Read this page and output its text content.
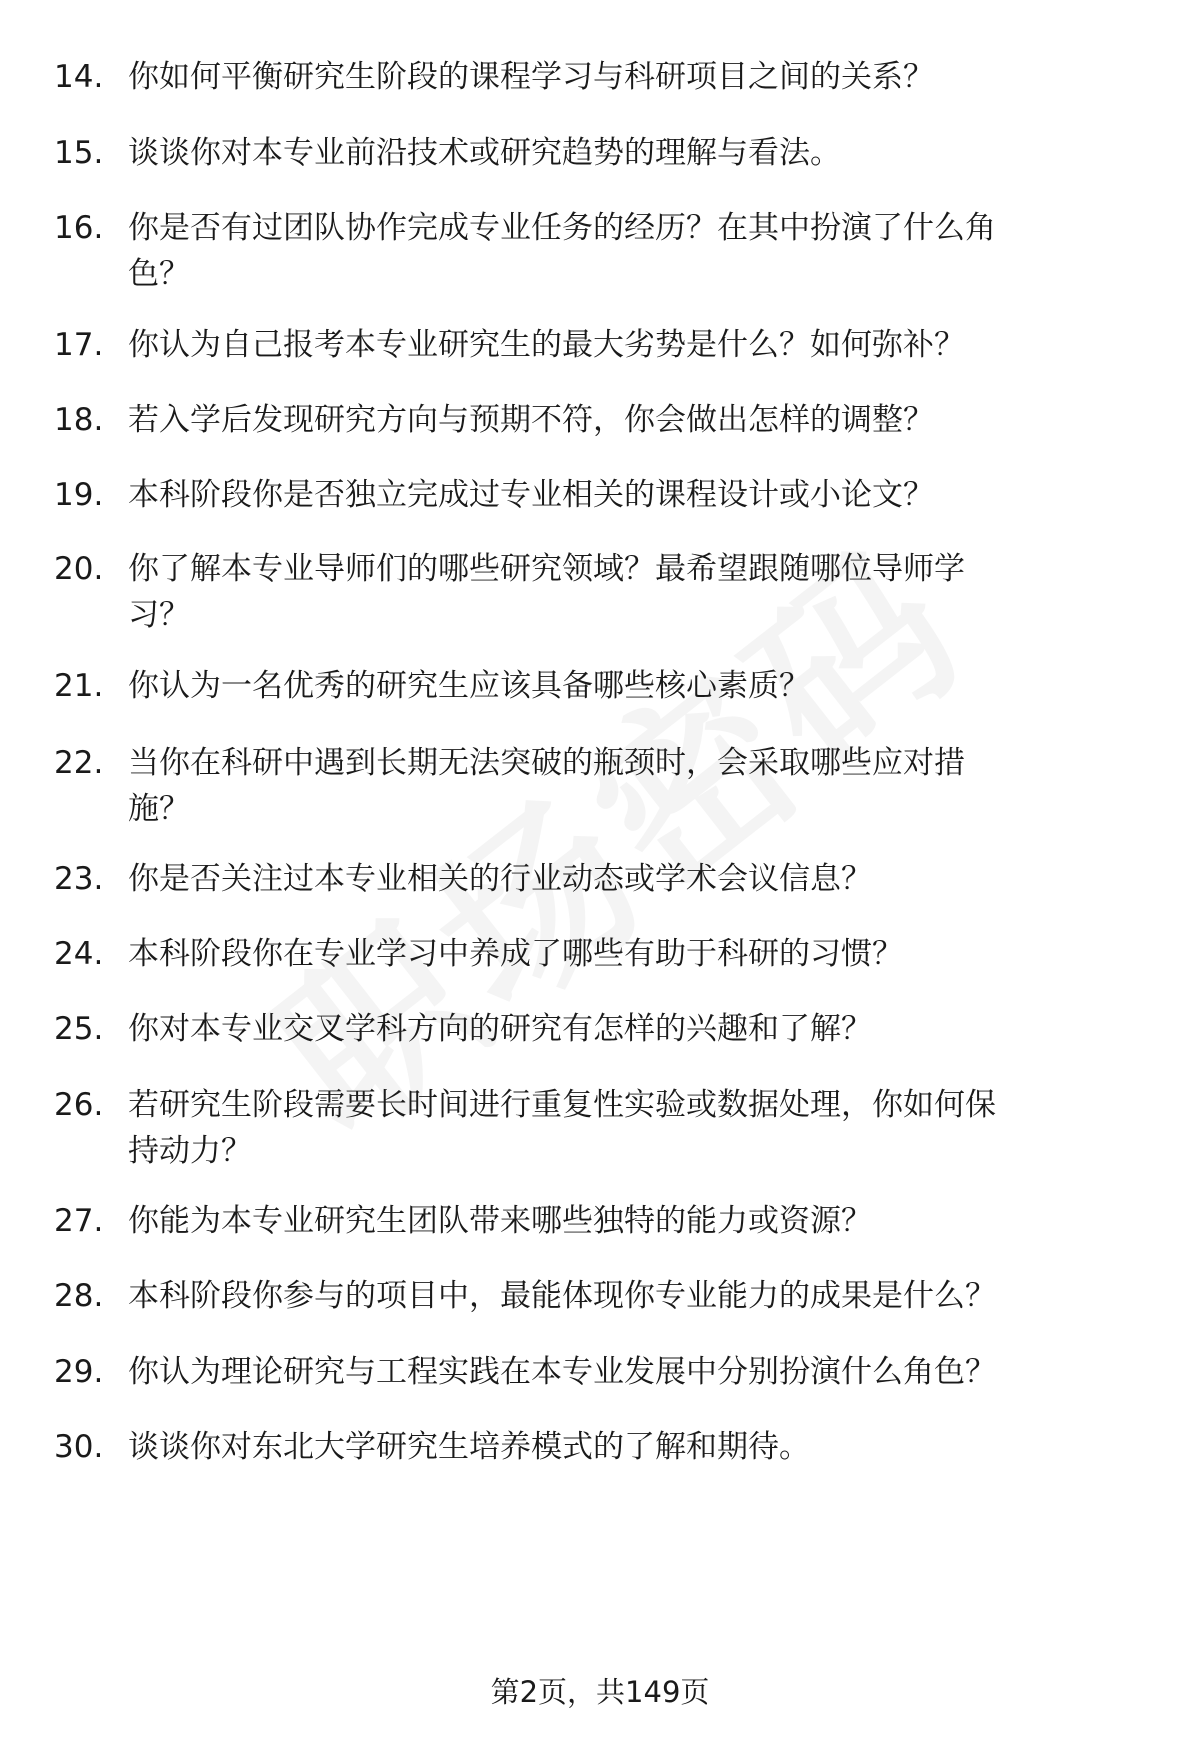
14. 你如何平衡研究生阶段的课程学习与科研项目之间的关系？
15. 谈谈你对本专业前沿技术或研究趋势的理解与看法。
16. 你是否有过团队协作完成专业任务的经历？在其中扮演了什么角
色？
17. 你认为自己报考本专业研究生的最大劣势是什么？如何弥补？
18. 若入学后发现研究方向与预期不符，你会做出怎样的调整？
19. 本科阶段你是否独立完成过专业相关的课程设计或小论文？
20. 你了解本专业导师们的哪些研究领域？最希望跟随哪位导师学
习？
21. 你认为一名优秀的研究生应该具备哪些核心素质？
22. 当你在科研中遇到长期无法突破的瓶颈时，会采取哪些应对措
施？
23. 你是否关注过本专业相关的行业动态或学术会议信息？
24. 本科阶段你在专业学习中养成了哪些有助于科研的习惯？
25. 你对本专业交叉学科方向的研究有怎样的兴趣和了解？
26. 若研究生阶段需要长时间进行重复性实验或数据处理，你如何保
持动力？
27. 你能为本专业研究生团队带来哪些独特的能力或资源？
28. 本科阶段你参与的项目中，最能体现你专业能力的成果是什么？
29. 你认为理论研究与工程实践在本专业发展中分别扮演什么角色？
30. 谈谈你对东北大学研究生培养模式的了解和期待。
第2页，共149页
